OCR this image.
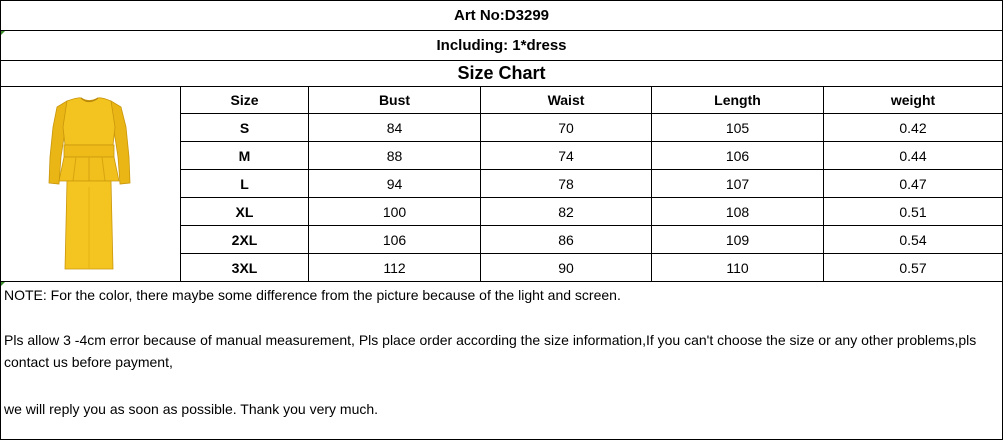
Art No:D3299
Including: 1*dress
Size Chart
Size	Bust	Waist	Length	weight
S	84	70	105	0.42
M	88	74	106	0.44
L	94	78	107	0.47
XL	100	82	108	0.51
2XL	106	86	109	0.54
3XL	112	90	110	0.57
NOTE: For the color, there maybe some difference from the picture because of the light and screen.
Pls allow 3 -4cm error because of manual measurement, Pls place order according the size information,If you can't choose the size or any other problems,pls contact us before payment,
we will reply you as soon as possible. Thank you very much.
